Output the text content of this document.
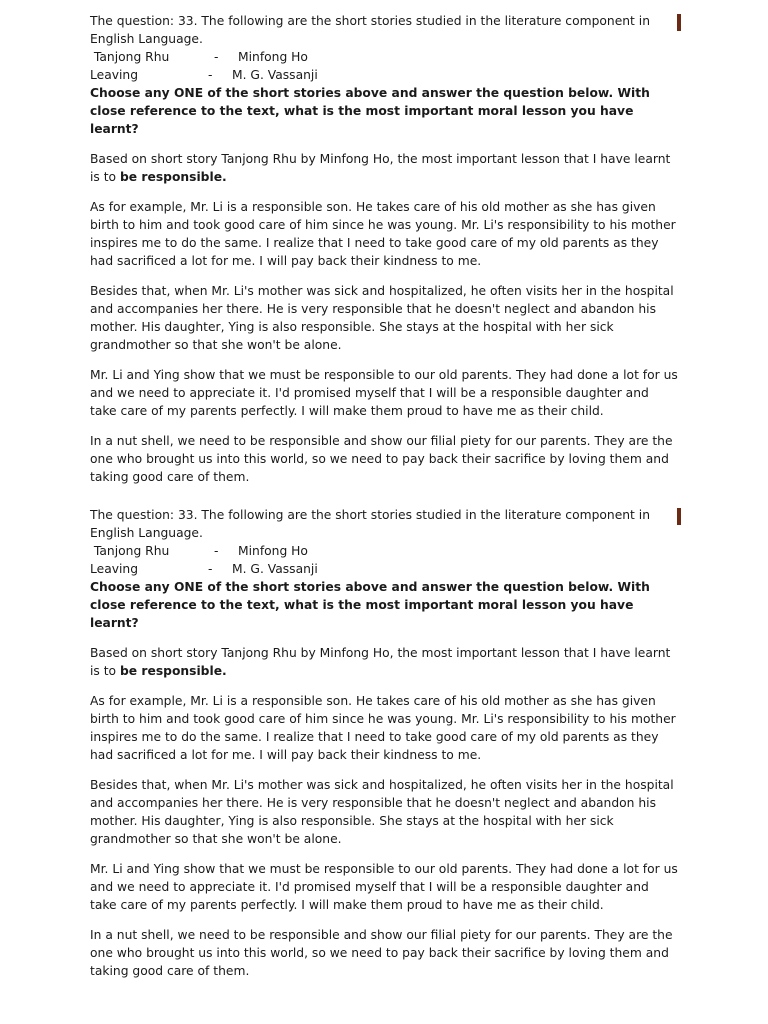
The question: 33. The following are the short stories studied in the literature component in English Language.

Tanjong Rhu	- Minfong Ho
Leaving	- M. G. Vassanji

Choose any ONE of the short stories above and answer the question below. With close reference to the text, what is the most important moral lesson you have learnt?

Based on short story Tanjong Rhu by Minfong Ho, the most important lesson that I have learnt is to be responsible.

As for example, Mr. Li is a responsible son. He takes care of his old mother as she has given birth to him and took good care of him since he was young. Mr. Li's responsibility to his mother inspires me to do the same. I realize that I need to take good care of my old parents as they had sacrificed a lot for me. I will pay back their kindness to me.

Besides that, when Mr. Li's mother was sick and hospitalized, he often visits her in the hospital and accompanies her there. He is very responsible that he doesn't neglect and abandon his mother. His daughter, Ying is also responsible. She stays at the hospital with her sick grandmother so that she won't be alone.

Mr. Li and Ying show that we must be responsible to our old parents. They had done a lot for us and we need to appreciate it. I'd promised myself that I will be a responsible daughter and take care of my parents perfectly. I will make them proud to have me as their child.

In a nut shell, we need to be responsible and show our filial piety for our parents. They are the one who brought us into this world, so we need to pay back their sacrifice by loving them and taking good care of them.

The question: 33. The following are the short stories studied in the literature component in English Language.

Tanjong Rhu	- Minfong Ho
Leaving	- M. G. Vassanji

Choose any ONE of the short stories above and answer the question below. With close reference to the text, what is the most important moral lesson you have learnt?

Based on short story Tanjong Rhu by Minfong Ho, the most important lesson that I have learnt is to be responsible.

As for example, Mr. Li is a responsible son. He takes care of his old mother as she has given birth to him and took good care of him since he was young. Mr. Li's responsibility to his mother inspires me to do the same. I realize that I need to take good care of my old parents as they had sacrificed a lot for me. I will pay back their kindness to me.

Besides that, when Mr. Li's mother was sick and hospitalized, he often visits her in the hospital and accompanies her there. He is very responsible that he doesn't neglect and abandon his mother. His daughter, Ying is also responsible. She stays at the hospital with her sick grandmother so that she won't be alone.

Mr. Li and Ying show that we must be responsible to our old parents. They had done a lot for us and we need to appreciate it. I'd promised myself that I will be a responsible daughter and take care of my parents perfectly. I will make them proud to have me as their child.

In a nut shell, we need to be responsible and show our filial piety for our parents. They are the one who brought us into this world, so we need to pay back their sacrifice by loving them and taking good care of them.
